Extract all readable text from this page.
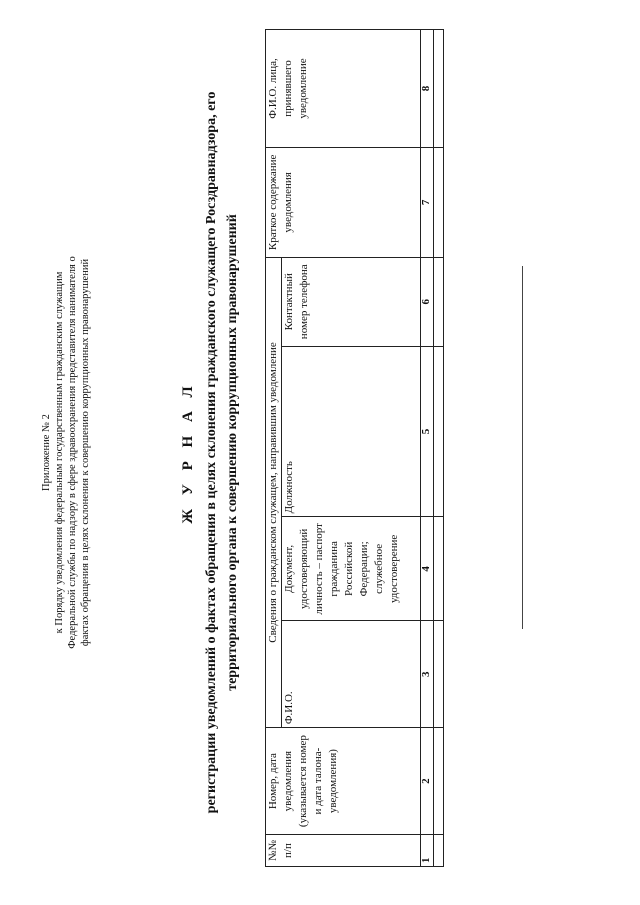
Приложение № 2 к Порядку уведомления федеральным государственным гражданским служащим Федеральной службы по надзору в сфере здравоохранения представителя нанимателя о фактах обращения в целях склонения к совершению коррупционных правонарушений	Ж У Р Н А Л регистрации уведомлений о фактах обращения в целях склонения гражданского служащего Росздравнадзора, его территориального органа к совершению коррупционных правонарушений
№№ п/п	Номер, дата уведомления (указывается номер и дата талона-уведомления)	Сведения о гражданском служащем, направившим уведомление				Краткое содержание уведомления	Ф.И.О. лица, принявшего уведомление
		Ф.И.О.	Документ, удостоверяющий личность – паспорт гражданина Российской Федерации; служебное удостоверение	Должность	Контактный номер телефона		
1	2	3	4	5	6	7	8
